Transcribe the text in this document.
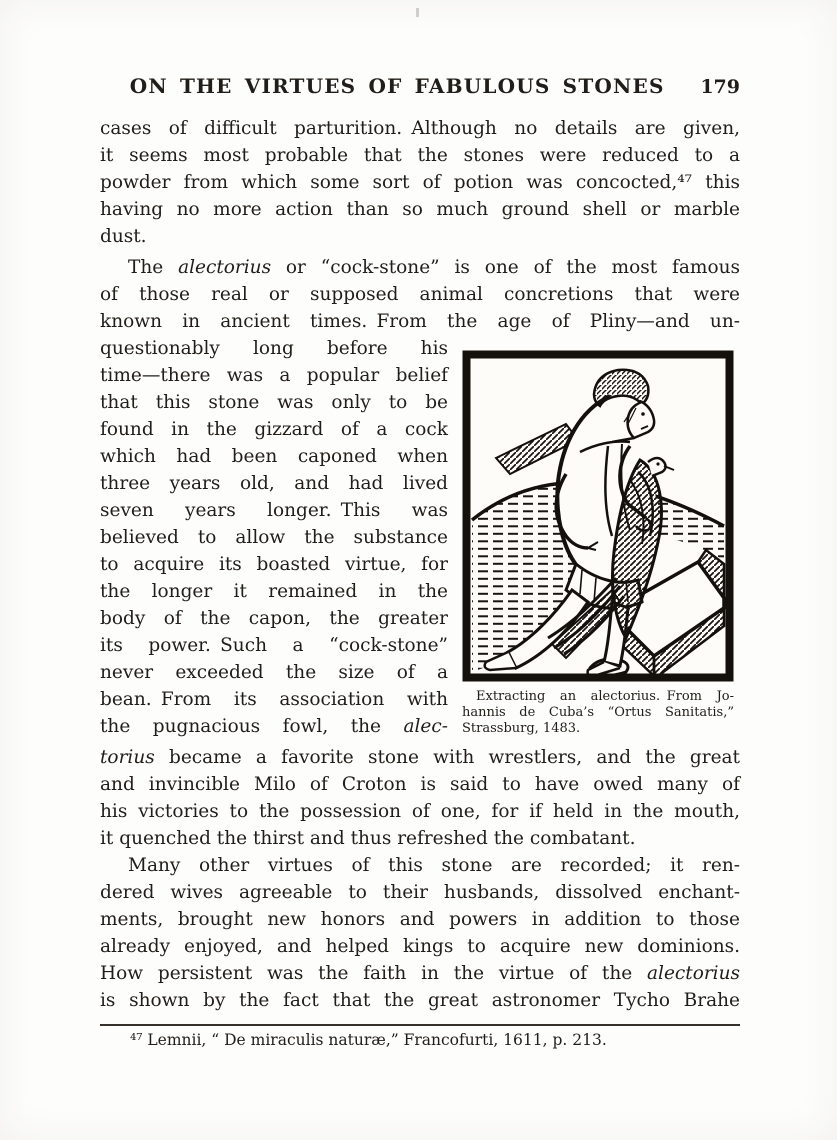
ON THE VIRTUES OF FABULOUS STONES	179
cases of difficult parturition. Although no details are given,
it seems most probable that the stones were reduced to a
powder from which some sort of potion was concocted,⁴⁷ this
having no more action than so much ground shell or marble
dust.
The alectorius or “cock-stone” is one of the most famous
of those real or supposed animal concretions that were
known in ancient times. From the age of Pliny—and un-
questionably long before his
time—there was a popular belief
that this stone was only to be
found in the gizzard of a cock
which had been caponed when
three years old, and had lived
seven years longer. This was
believed to allow the substance
to acquire its boasted virtue, for
the longer it remained in the
body of the capon, the greater
its power. Such a “cock-stone”
never exceeded the size of a
bean. From its association with
the pugnacious fowl, the alec-
Extracting an alectorius. From Jo-
hannis de Cuba’s “Ortus Sanitatis,”
Strassburg, 1483.
torius became a favorite stone with wrestlers, and the great
and invincible Milo of Croton is said to have owed many of
his victories to the possession of one, for if held in the mouth,
it quenched the thirst and thus refreshed the combatant.
Many other virtues of this stone are recorded; it ren-
dered wives agreeable to their husbands, dissolved enchant-
ments, brought new honors and powers in addition to those
already enjoyed, and helped kings to acquire new dominions.
How persistent was the faith in the virtue of the alectorius
is shown by the fact that the great astronomer Tycho Brahe
⁴⁷ Lemnii, “ De miraculis naturæ,” Francofurti, 1611, p. 213.
